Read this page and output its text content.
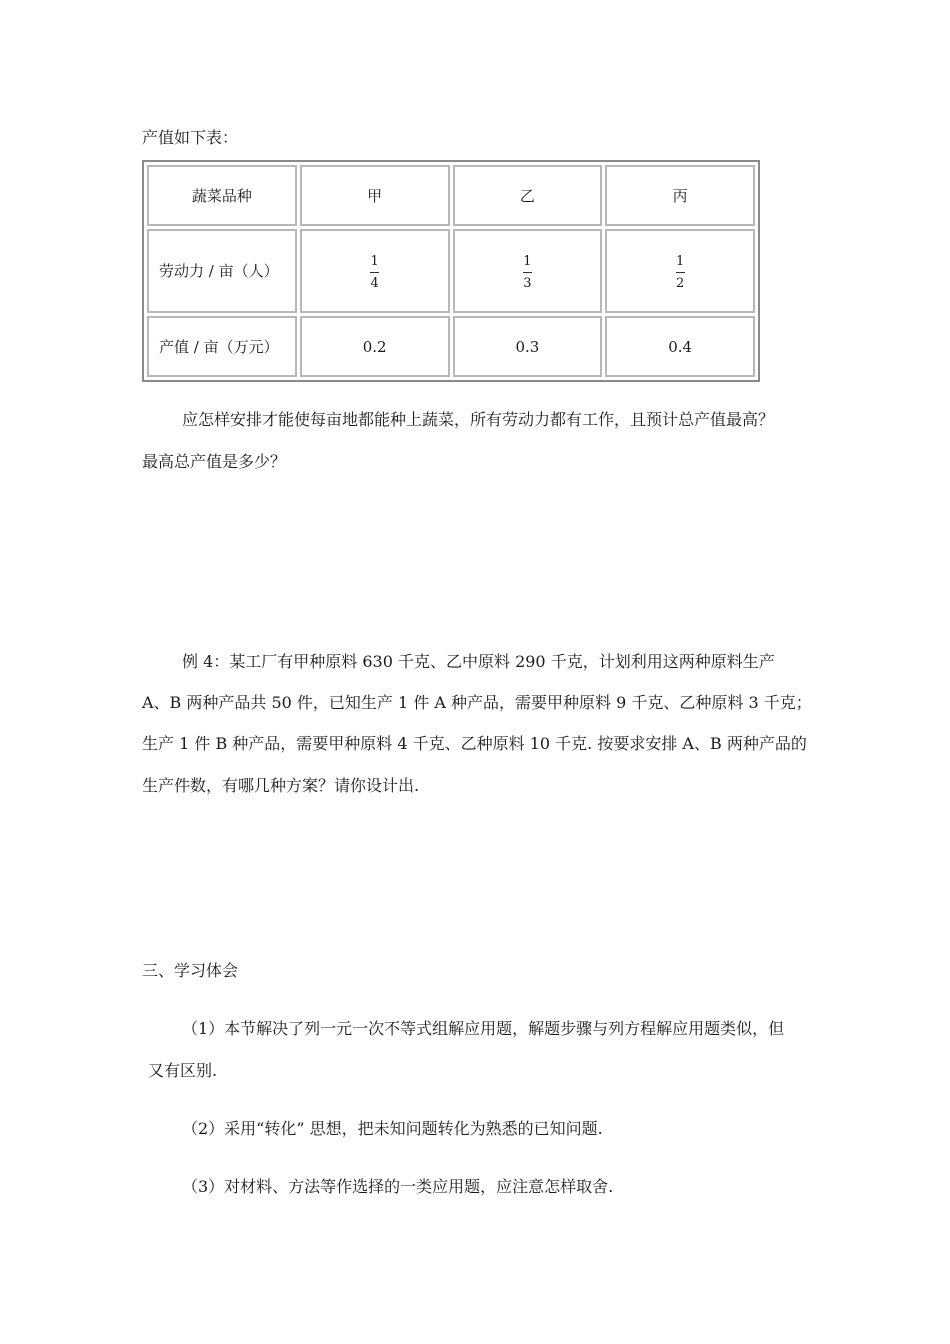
产值如下表：
蔬菜品种	甲	乙	丙
劳动力 / 亩（人）	$\frac{1}{4}$	$\frac{1}{3}$	$\frac{1}{2}$

产值 / 亩（万元）	0.2	0.3	0.4
应怎样安排才能使每亩地都能种上蔬菜，所有劳动力都有工作，且预计总产值最高？
最高总产值是多少？
例 4：某工厂有甲种原料 630 千克、乙中原料 290 千克，计划利用这两种原料生产
A、B 两种产品共 50 件，已知生产 1 件 A 种产品，需要甲种原料 9 千克、乙种原料 3 千克；
生产 1 件 B 种产品，需要甲种原料 4 千克、乙种原料 10 千克. 按要求安排 A、B 两种产品的
生产件数，有哪几种方案？请你设计出.
三、学习体会
（1）本节解决了列一元一次不等式组解应用题，解题步骤与列方程解应用题类似，但
又有区别.
（2）采用“转化” 思想，把未知问题转化为熟悉的已知问题.
（3）对材料、方法等作选择的一类应用题，应注意怎样取舍.
